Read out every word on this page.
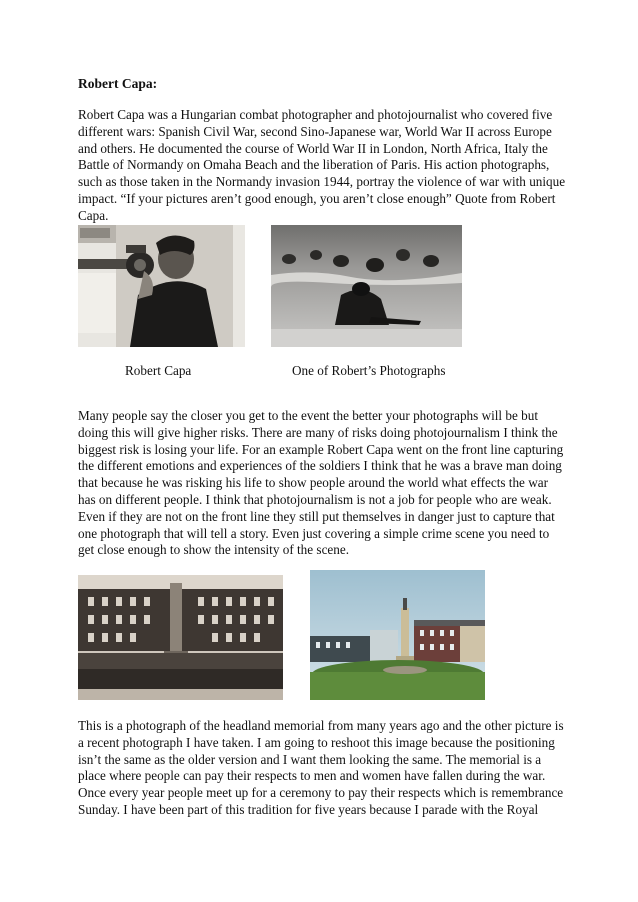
Robert Capa:

Robert Capa was a Hungarian combat photographer and photojournalist who covered five different wars: Spanish Civil War, second Sino-Japanese war, World War II across Europe and others. He documented the course of World War II in London, North Africa, Italy the Battle of Normandy on Omaha Beach and the liberation of Paris. His action photographs, such as those taken in the Normandy invasion 1944, portray the violence of war with unique impact. “If your pictures aren’t good enough, you aren’t close enough” Quote from Robert Capa.

Robert Capa	One of Robert’s Photographs

Many people say the closer you get to the event the better your photographs will be but doing this will give higher risks. There are many of risks doing photojournalism I think the biggest risk is losing your life. For an example Robert Capa went on the front line capturing the different emotions and experiences of the soldiers I think that he was a brave man doing that because he was risking his life to show people around the world what effects the war has on different people. I think that photojournalism is not a job for people who are weak. Even if they are not on the front line they still put themselves in danger just to capture that one photograph that will tell a story. Even just covering a simple crime scene you need to get close enough to show the intensity of the scene.

This is a photograph of the headland memorial from many years ago and the other picture is a recent photograph I have taken. I am going to reshoot this image because the positioning isn’t the same as the older version and I want them looking the same. The memorial is a place where people can pay their respects to men and women have fallen during the war. Once every year people meet up for a ceremony to pay their respects which is remembrance Sunday. I have been part of this tradition for five years because I parade with the Royal
